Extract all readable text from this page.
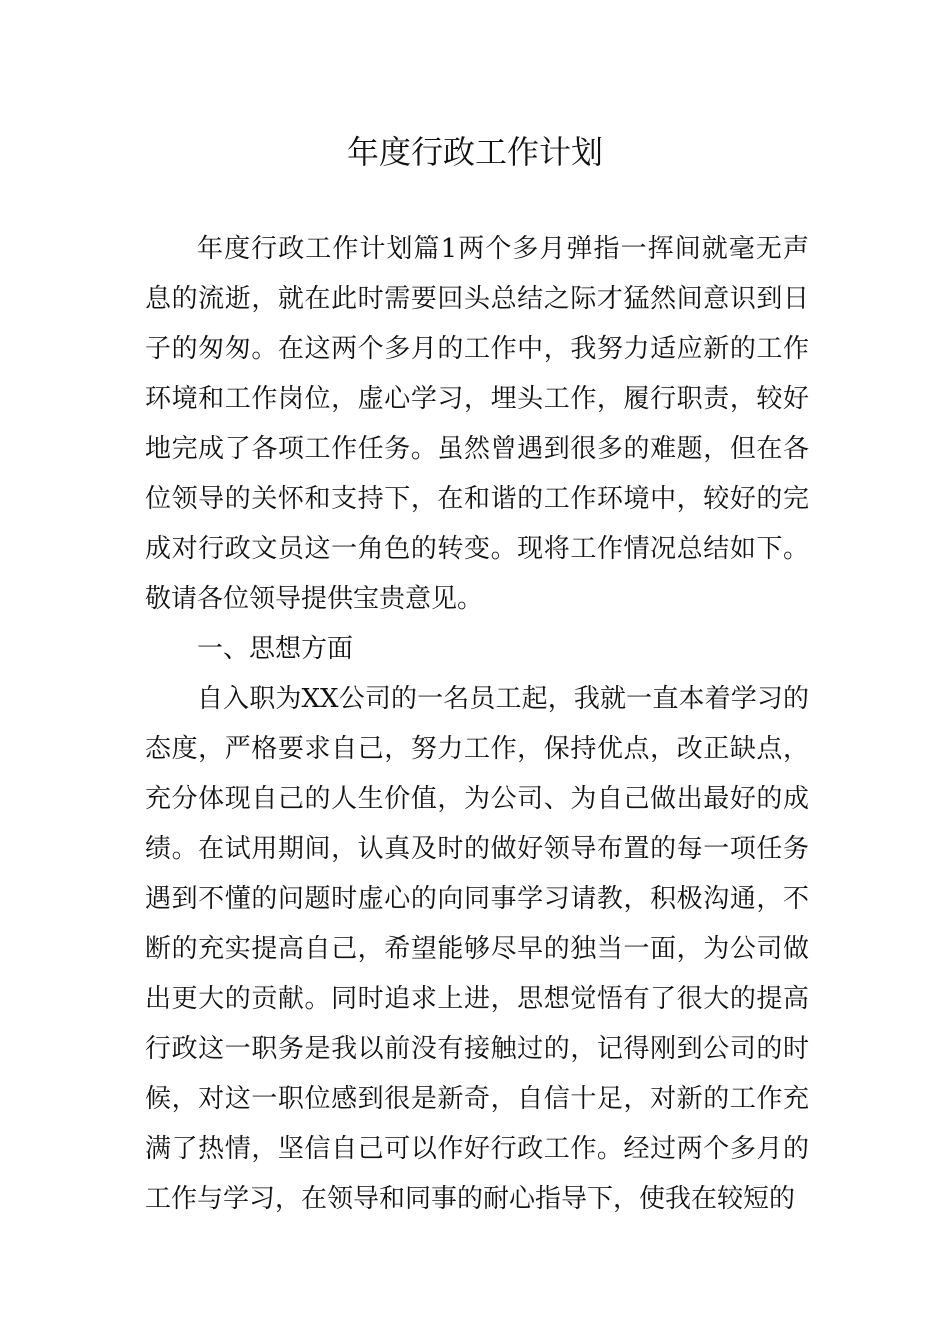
年度行政工作计划

年度行政工作计划篇1两个多月弹指一挥间就毫无声息的流逝，就在此时需要回头总结之际才猛然间意识到日子的匆匆。在这两个多月的工作中，我努力适应新的工作环境和工作岗位，虚心学习，埋头工作，履行职责，较好地完成了各项工作任务。虽然曾遇到很多的难题，但在各位领导的关怀和支持下，在和谐的工作环境中，较好的完成对行政文员这一角色的转变。现将工作情况总结如下。敬请各位领导提供宝贵意见。

一、思想方面

自入职为XX公司的一名员工起，我就一直本着学习的态度，严格要求自己，努力工作，保持优点，改正缺点，充分体现自己的人生价值，为公司、为自己做出最好的成绩。在试用期间，认真及时的做好领导布置的每一项任务遇到不懂的问题时虚心的向同事学习请教，积极沟通，不断的充实提高自己，希望能够尽早的独当一面，为公司做出更大的贡献。同时追求上进，思想觉悟有了很大的提高行政这一职务是我以前没有接触过的，记得刚到公司的时候，对这一职位感到很是新奇，自信十足，对新的工作充满了热情，坚信自己可以作好行政工作。经过两个多月的工作与学习，在领导和同事的耐心指导下，使我在较短的
